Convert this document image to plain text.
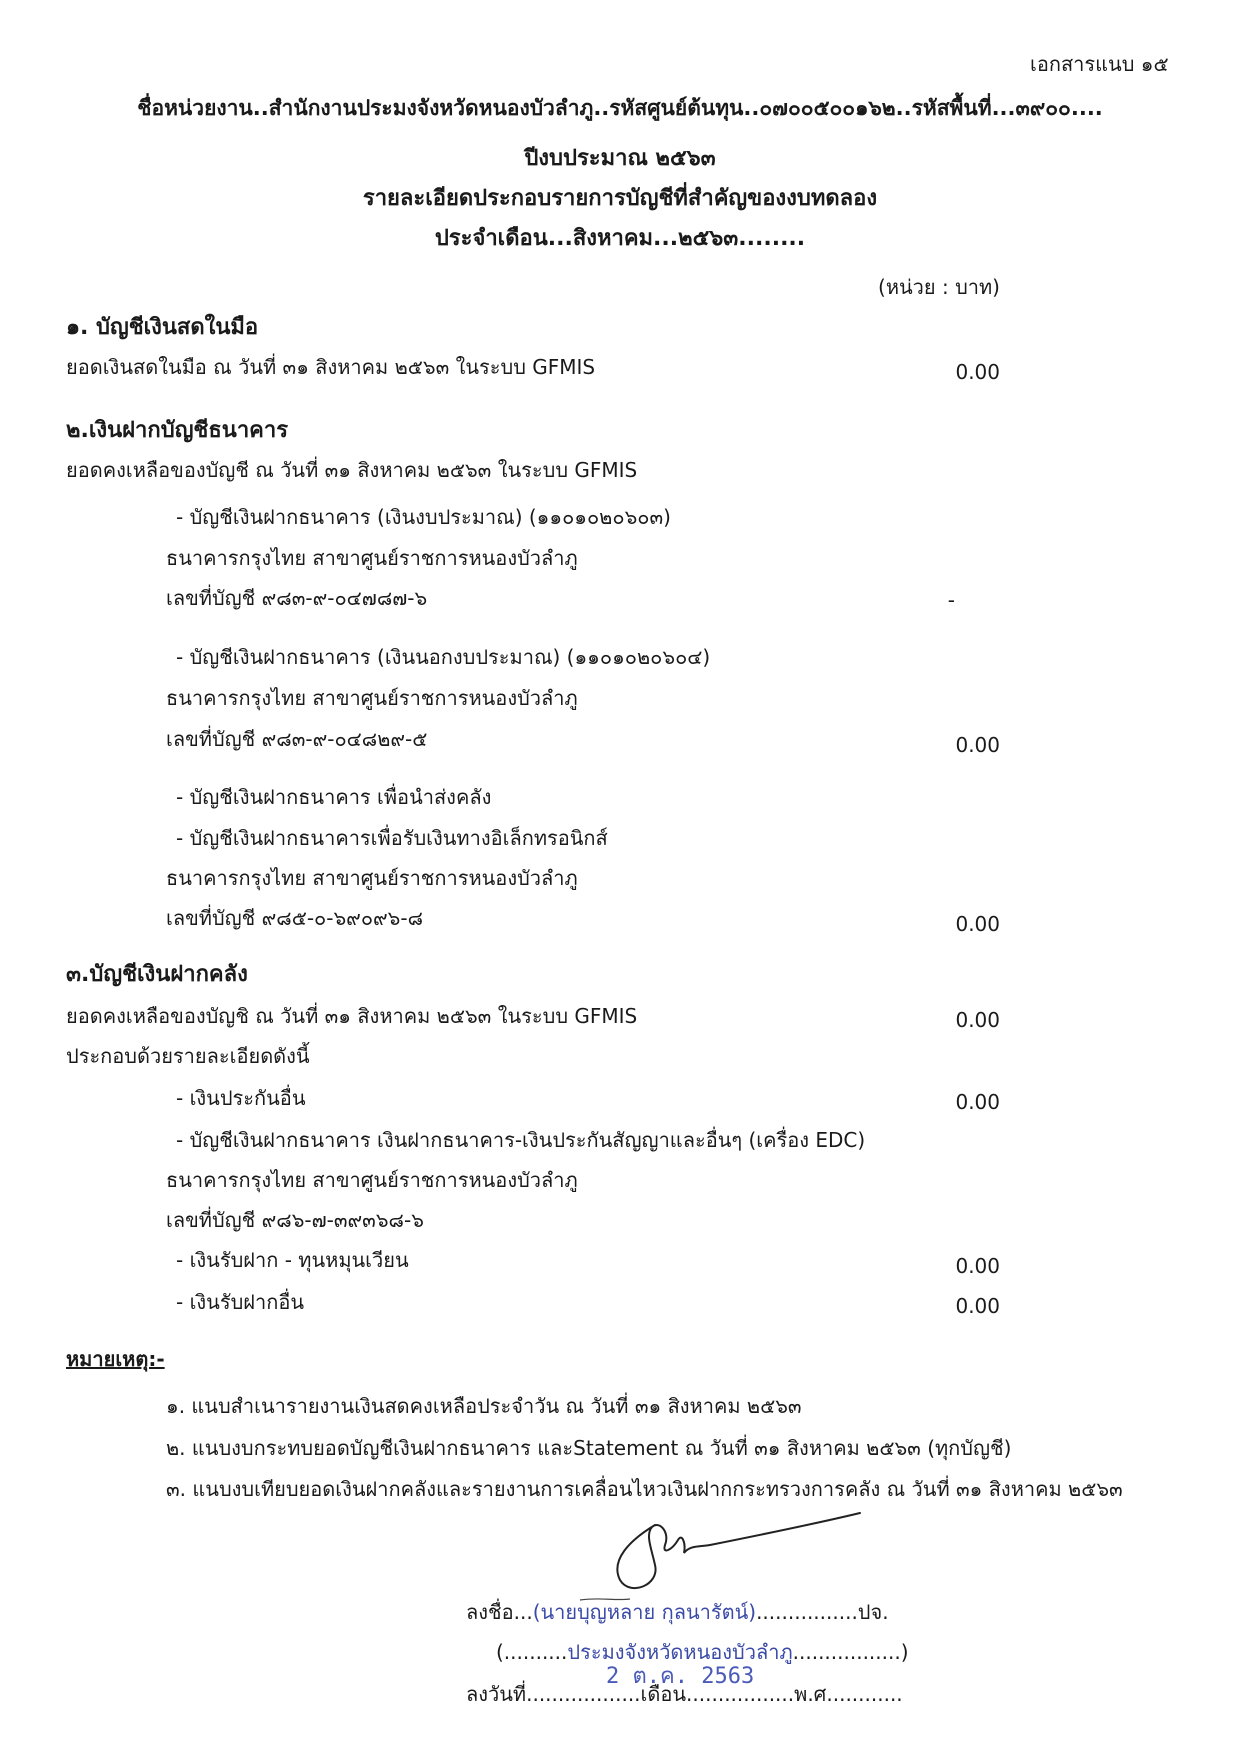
เอกสารแนบ ๑๕
ชื่อหน่วยงาน..สำนักงานประมงจังหวัดหนองบัวลำภู..รหัสศูนย์ต้นทุน..๐๗๐๐๕๐๐๑๖๒..รหัสพื้นที่...๓๙๐๐....
ปีงบประมาณ ๒๕๖๓
รายละเอียดประกอบรายการบัญชีที่สำคัญของงบทดลอง
ประจำเดือน...สิงหาคม...๒๕๖๓........
(หน่วย : บาท)
๑. บัญชีเงินสดในมือ
ยอดเงินสดในมือ ณ วันที่ ๓๑ สิงหาคม ๒๕๖๓ ในระบบ GFMIS	0.00
๒.เงินฝากบัญชีธนาคาร
ยอดคงเหลือของบัญชี ณ วันที่ ๓๑ สิงหาคม ๒๕๖๓ ในระบบ GFMIS
- บัญชีเงินฝากธนาคาร (เงินงบประมาณ) (๑๑๐๑๐๒๐๖๐๓)
ธนาคารกรุงไทย สาขาศูนย์ราชการหนองบัวลำภู
เลขที่บัญชี ๙๘๓-๙-๐๔๗๘๗-๖	-
- บัญชีเงินฝากธนาคาร (เงินนอกงบประมาณ) (๑๑๐๑๐๒๐๖๐๔)
ธนาคารกรุงไทย สาขาศูนย์ราชการหนองบัวลำภู
เลขที่บัญชี ๙๘๓-๙-๐๔๘๒๙-๕	0.00
- บัญชีเงินฝากธนาคาร เพื่อนำส่งคลัง
- บัญชีเงินฝากธนาคารเพื่อรับเงินทางอิเล็กทรอนิกส์
ธนาคารกรุงไทย สาขาศูนย์ราชการหนองบัวลำภู
เลขที่บัญชี ๙๘๕-๐-๖๙๐๙๖-๘	0.00
๓.บัญชีเงินฝากคลัง
ยอดคงเหลือของบัญชิ ณ วันที่ ๓๑ สิงหาคม ๒๕๖๓ ในระบบ GFMIS	0.00
ประกอบด้วยรายละเอียดดังนี้
- เงินประกันอื่น	0.00
- บัญชีเงินฝากธนาคาร เงินฝากธนาคาร-เงินประกันสัญญาและอื่นๆ (เครื่อง EDC)
ธนาคารกรุงไทย สาขาศูนย์ราชการหนองบัวลำภู
เลขที่บัญชี ๙๘๖-๗-๓๙๓๖๘-๖
- เงินรับฝาก - ทุนหมุนเวียน	0.00
- เงินรับฝากอื่น	0.00
หมายเหตุ:-
๑. แนบสำเนารายงานเงินสดคงเหลือประจำวัน ณ วันที่ ๓๑ สิงหาคม ๒๕๖๓
๒. แนบงบกระทบยอดบัญชีเงินฝากธนาคาร และStatement ณ วันที่ ๓๑ สิงหาคม ๒๕๖๓ (ทุกบัญชี)
๓. แนบงบเทียบยอดเงินฝากคลังและรายงานการเคลื่อนไหวเงินฝากกระทรวงการคลัง ณ วันที่ ๓๑ สิงหาคม ๒๕๖๓
ลงชื่อ...(นายบุญหลาย กุลนารัตน์)................ปจ.
(..........ประมงจังหวัดหนองบัวลำภู.................)
ลงวันที่..................เดือน.................พ.ศ............
2 ต.ค. 2563
